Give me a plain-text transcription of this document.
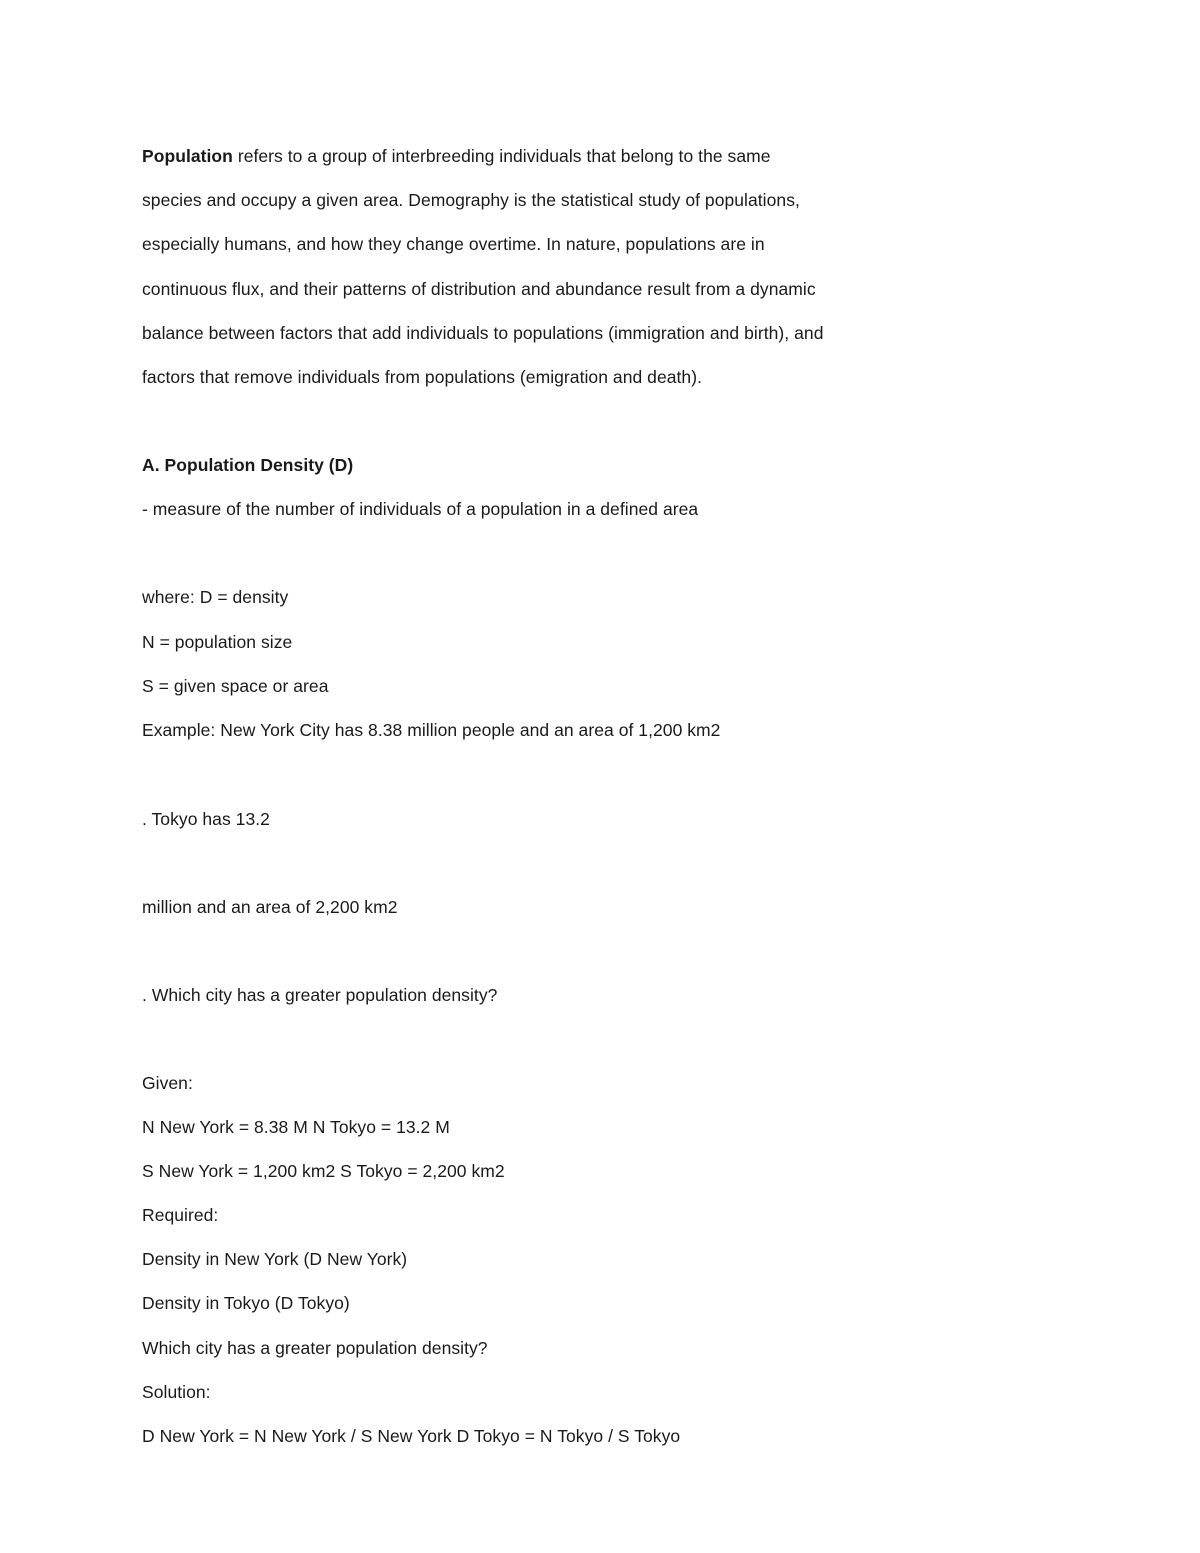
Population refers to a group of interbreeding individuals that belong to the same
species and occupy a given area. Demography is the statistical study of populations,
especially humans, and how they change overtime. In nature, populations are in
continuous flux, and their patterns of distribution and abundance result from a dynamic
balance between factors that add individuals to populations (immigration and birth), and
factors that remove individuals from populations (emigration and death).
A. Population Density (D)
- measure of the number of individuals of a population in a defined area
where: D = density
N = population size
S = given space or area
Example: New York City has 8.38 million people and an area of 1,200 km2
. Tokyo has 13.2
million and an area of 2,200 km2
. Which city has a greater population density?
Given:
N New York = 8.38 M N Tokyo = 13.2 M
S New York = 1,200 km2 S Tokyo = 2,200 km2
Required:
Density in New York (D New York)
Density in Tokyo (D Tokyo)
Which city has a greater population density?
Solution:
D New York = N New York / S New York D Tokyo = N Tokyo / S Tokyo
